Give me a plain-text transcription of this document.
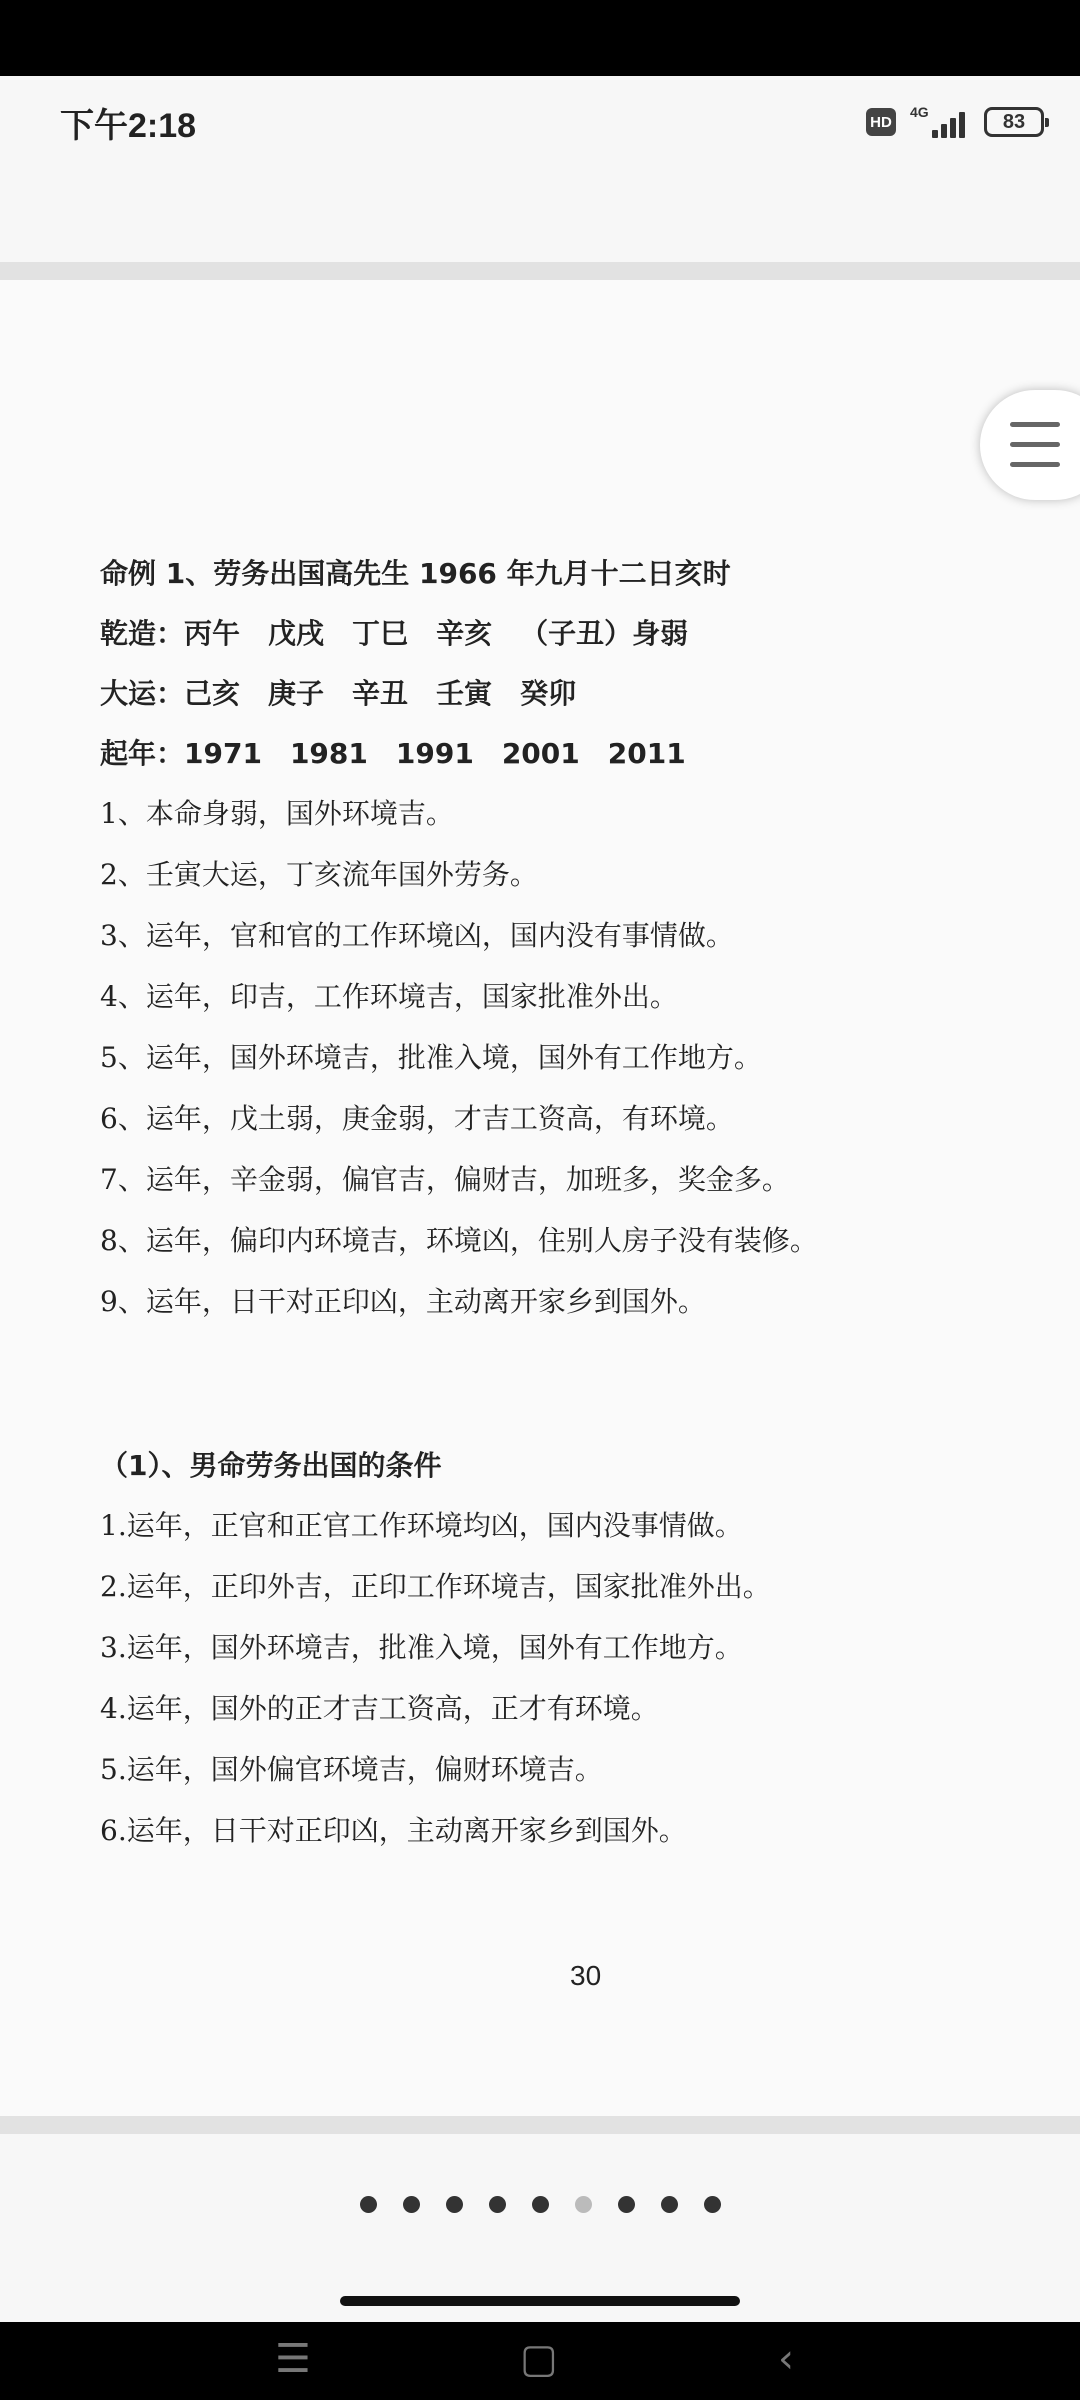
下午2:18	HD
4G	83
命例 1、劳务出国高先生 1966 年九月十二日亥时
乾造：丙午 戊戌 丁巳 辛亥 （子丑）身弱
大运：己亥 庚子 辛丑 壬寅 癸卯
起年：1971 1981 1991 2001 2011
1、本命身弱，国外环境吉。
2、壬寅大运，丁亥流年国外劳务。
3、运年，官和官的工作环境凶，国内没有事情做。
4、运年，印吉，工作环境吉，国家批准外出。
5、运年，国外环境吉，批准入境，国外有工作地方。
6、运年，戊土弱，庚金弱，才吉工资高，有环境。
7、运年，辛金弱，偏官吉，偏财吉，加班多，奖金多。
8、运年，偏印内环境吉，环境凶，住别人房子没有装修。
9、运年，日干对正印凶，主动离开家乡到国外。
（1）、男命劳务出国的条件
1.运年，正官和正官工作环境均凶，国内没事情做。
2.运年，正印外吉，正印工作环境吉，国家批准外出。
3.运年，国外环境吉，批准入境，国外有工作地方。
4.运年，国外的正才吉工资高，正才有环境。
5.运年，国外偏官环境吉，偏财环境吉。
6.运年，日干对正印凶，主动离开家乡到国外。
30
☰	▢	‹
